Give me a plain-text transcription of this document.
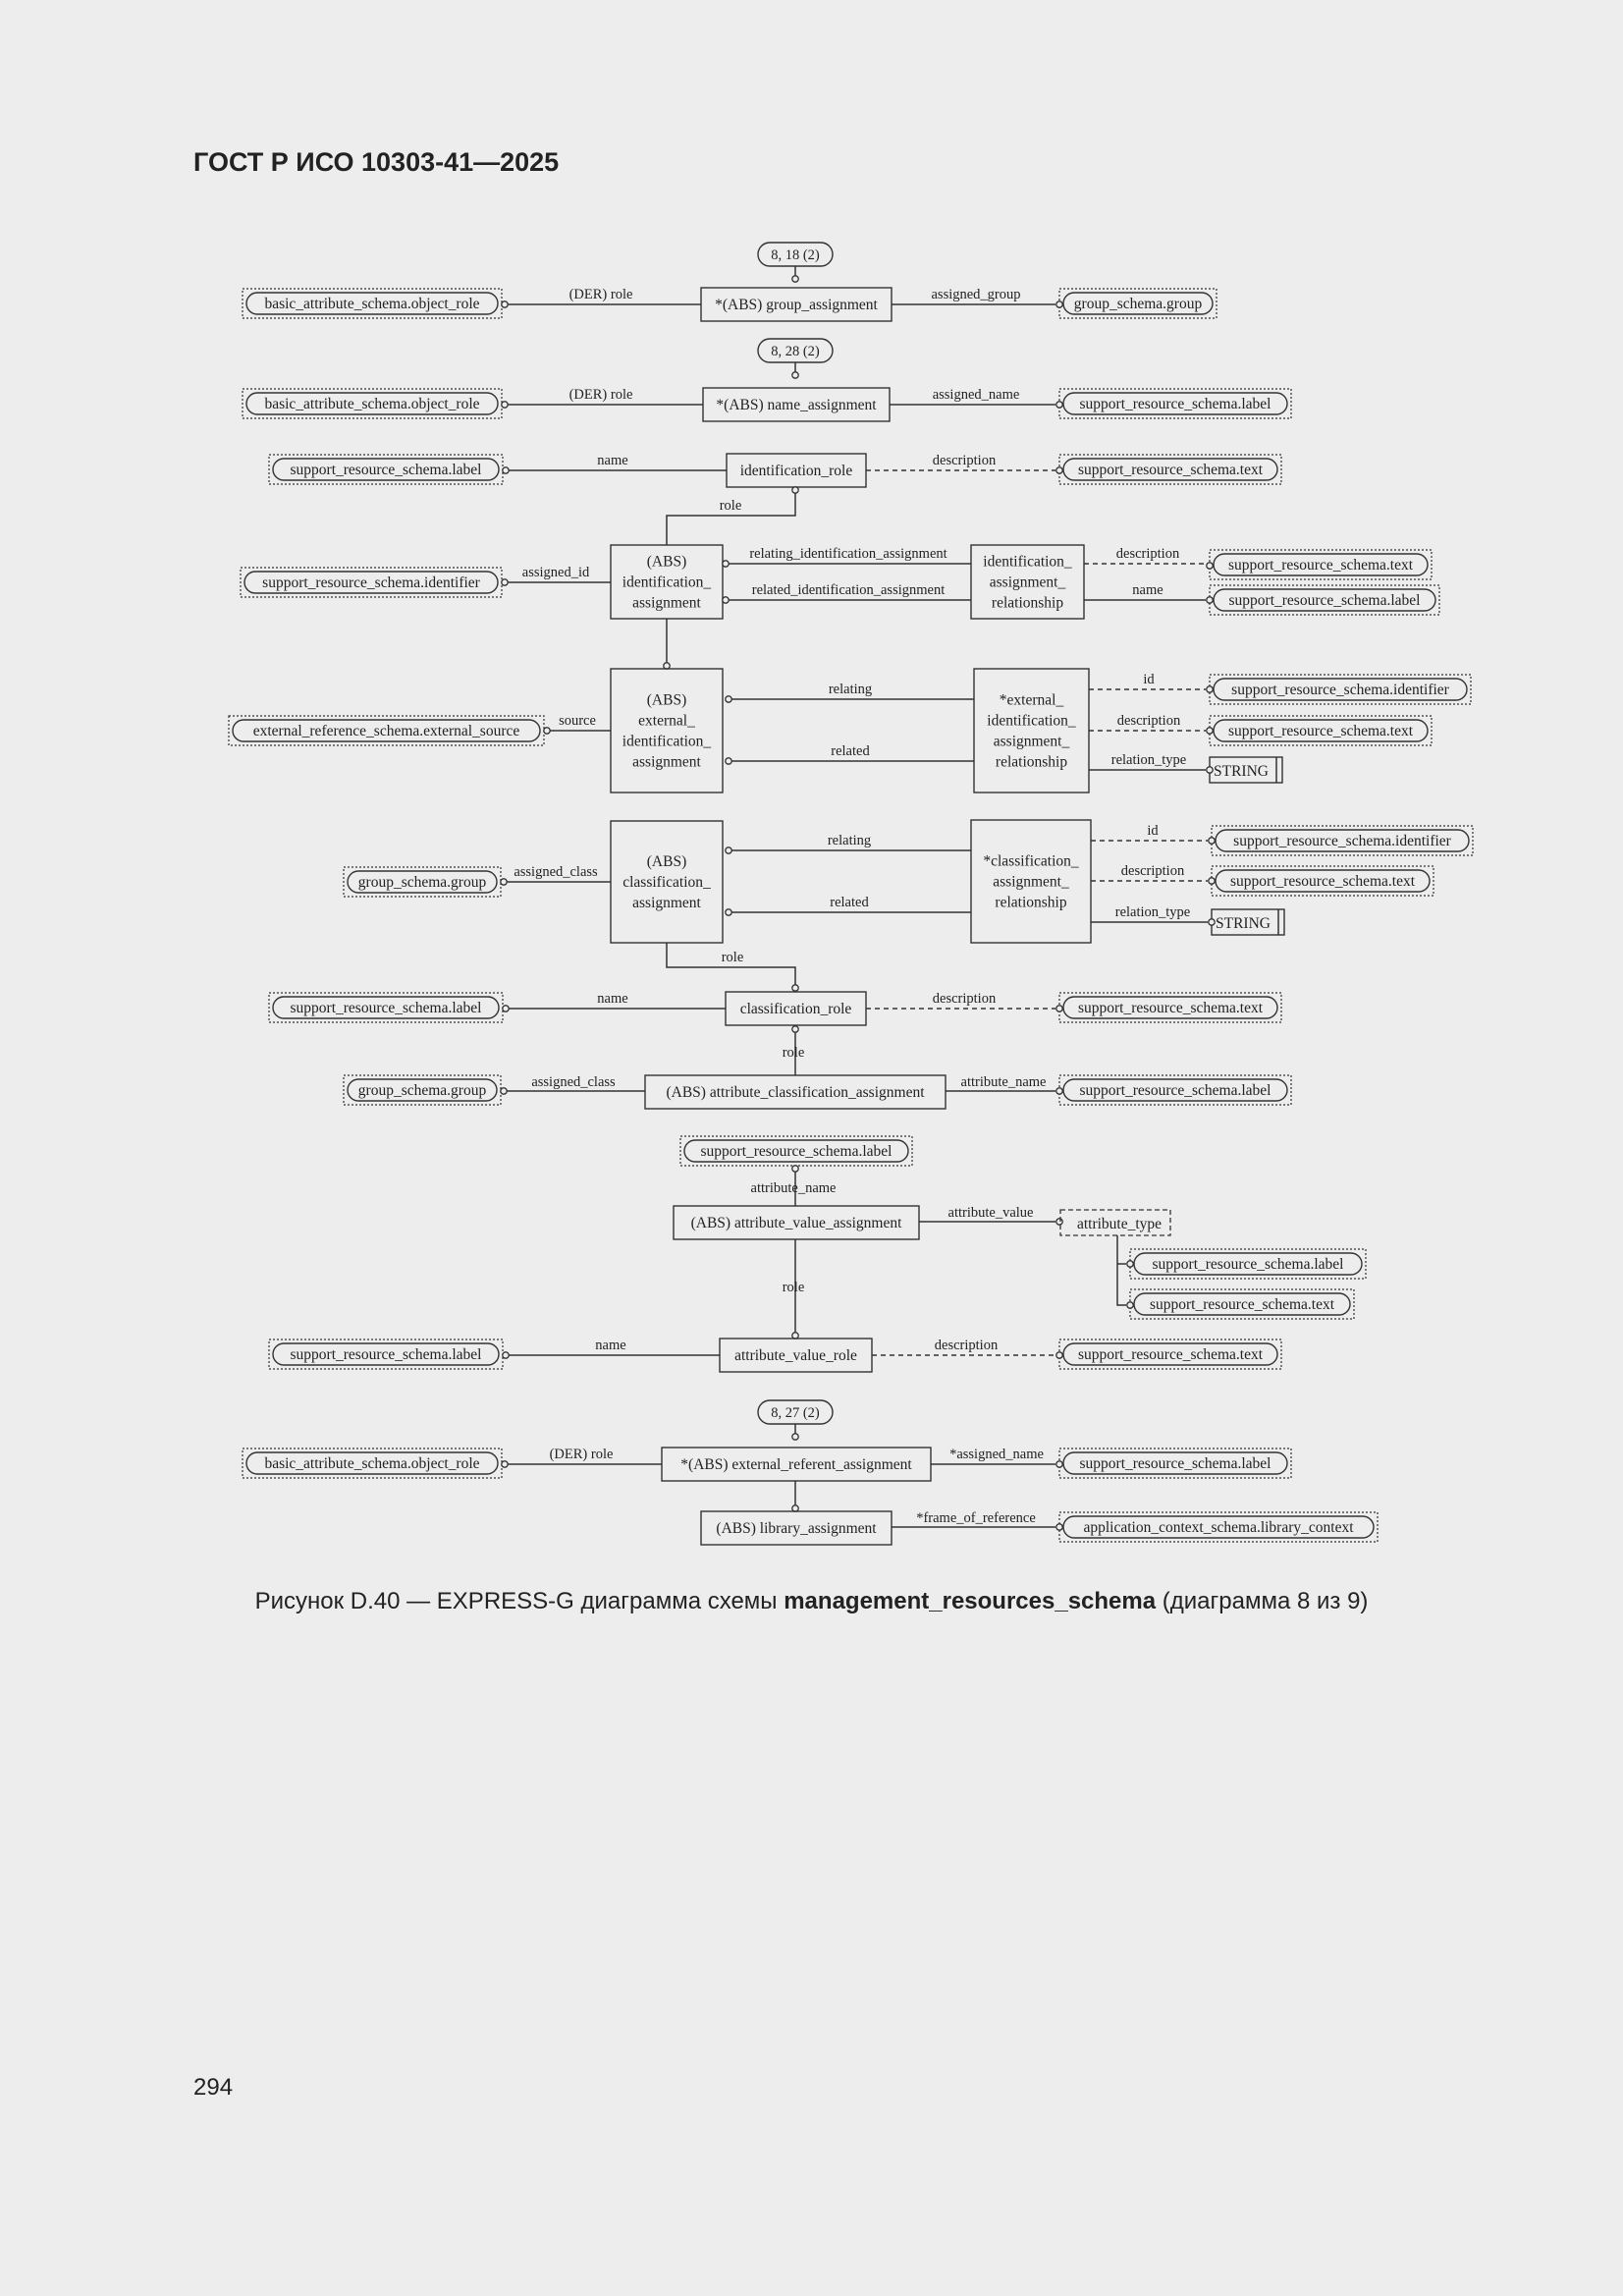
ГОСТ Р ИСО 10303-41—2025
8, 18 (2)
basic_attribute_schema.object_role	*(ABS) group_assignment	group_schema.group
(DER) role	assigned_group
8, 28 (2)
basic_attribute_schema.object_role	*(ABS) name_assignment	support_resource_schema.label
(DER) role	assigned_name
support_resource_schema.label	identification_role	support_resource_schema.text
name	description
role
support_resource_schema.identifier
(ABS)
identification_
assignment
identification_
assignment_
relationship
support_resource_schema.text
support_resource_schema.label
assigned_id
relating_identification_assignment
related_identification_assignment
description
name
external_reference_schema.external_source
(ABS)
external_
identification_
assignment
*external_
identification_
assignment_
relationship
support_resource_schema.identifier
support_resource_schema.text
STRING
source
relating
related
id
description
relation_type
group_schema.group
(ABS)
classification_
assignment
*classification_
assignment_
relationship
support_resource_schema.identifier
support_resource_schema.text
STRING
assigned_class
relating
related
id
description
relation_type
role
support_resource_schema.label	classification_role	support_resource_schema.text
name	description
role
group_schema.group	(ABS) attribute_classification_assignment	support_resource_schema.label
assigned_class	attribute_name
support_resource_schema.label
attribute_name
(ABS) attribute_value_assignment
attribute_value
attribute_type
support_resource_schema.label
support_resource_schema.text
role
support_resource_schema.label	attribute_value_role	support_resource_schema.text
name	description
8, 27 (2)
basic_attribute_schema.object_role	*(ABS) external_referent_assignment	support_resource_schema.label
(DER) role	*assigned_name
(ABS) library_assignment	application_context_schema.library_context
*frame_of_reference
Рисунок D.40 — EXPRESS-G диаграмма схемы management_resources_schema (диаграмма 8 из 9)
294
